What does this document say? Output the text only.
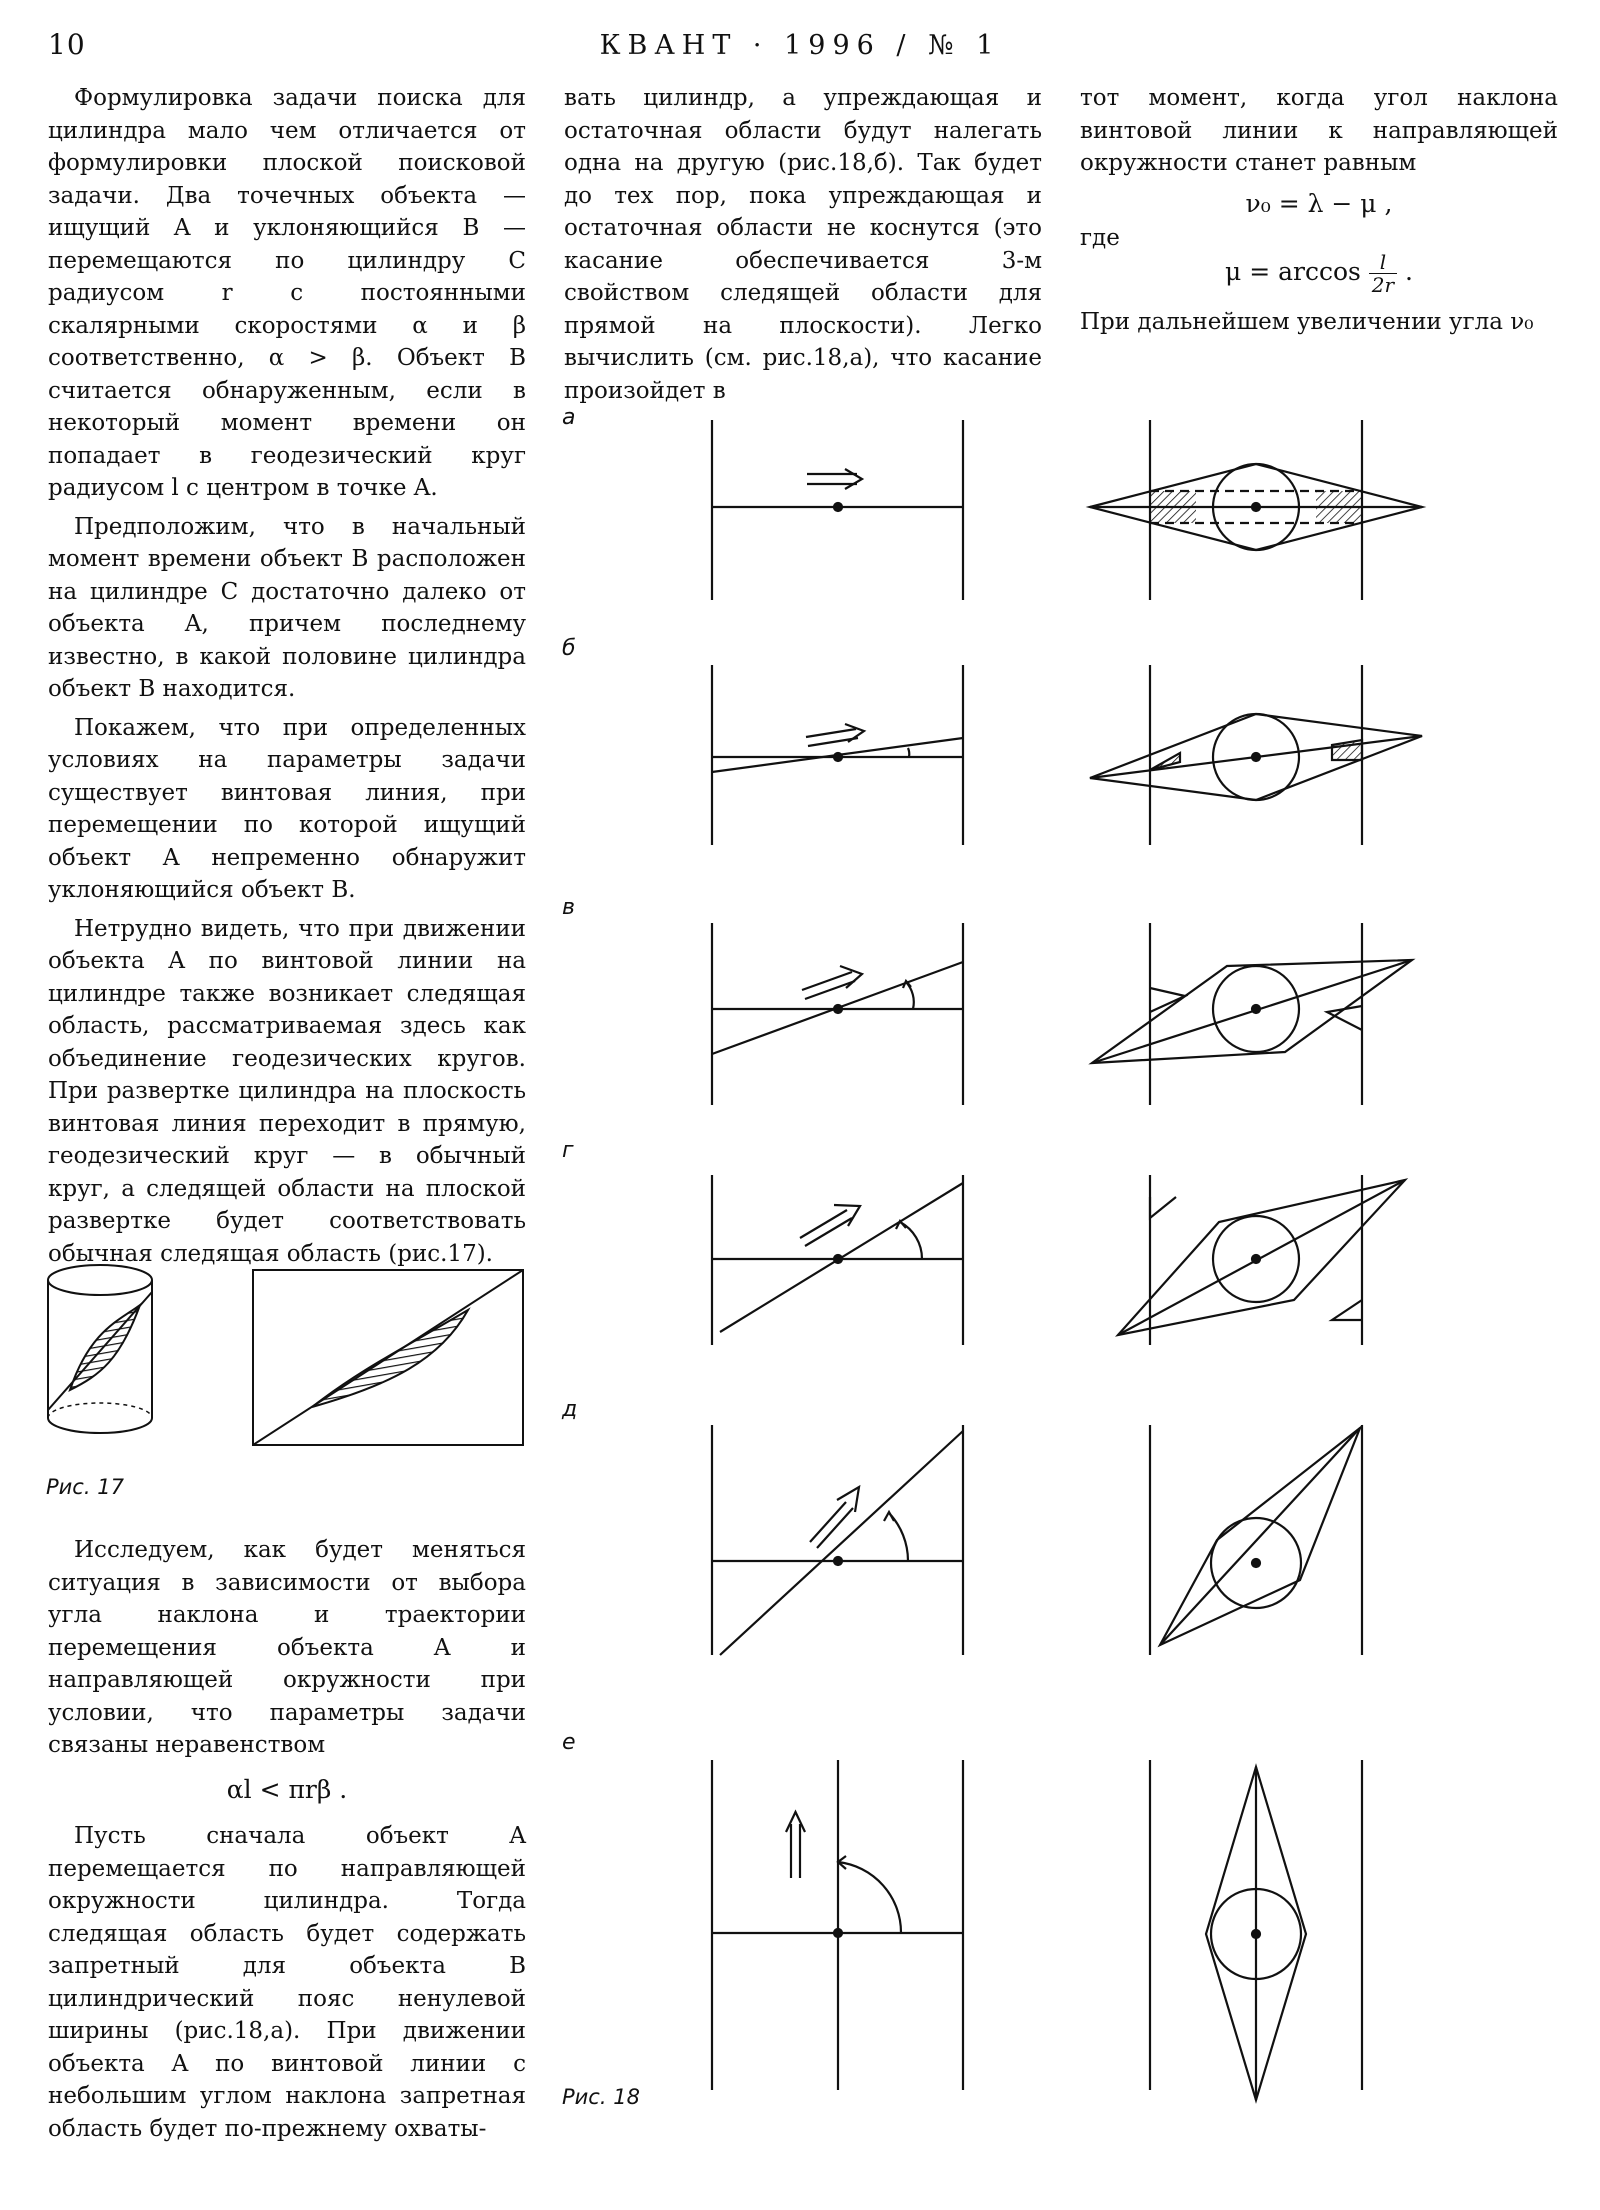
10	КВАНТ · 1996 / № 1

Формулировка задачи поиска для цилиндра мало чем отличается от формулировки плоской поисковой задачи. Два точечных объекта — ищущий A и уклоняющийся B — перемещаются по цилиндру C радиусом r с постоянными скалярными скоростями α и β соответственно, α > β. Объект B считается обнаруженным, если в некоторый момент времени он попадает в геодезический круг радиусом l с центром в точке A.

Предположим, что в начальный момент времени объект B расположен на цилиндре C достаточно далеко от объекта A, причем последнему известно, в какой половине цилиндра объект B находится.

Покажем, что при определенных условиях на параметры задачи существует винтовая линия, при перемещении по которой ищущий объект A непременно обнаружит уклоняющийся объект B.

Нетрудно видеть, что при движении объекта A по винтовой линии на цилиндре также возникает следящая область, рассматриваемая здесь как объединение геодезических кругов. При развертке цилиндра на плоскость винтовая линия переходит в прямую, геодезический круг — в обычный круг, а следящей области на плоской развертке будет соответствовать обычная следящая область (рис.17).

Рис. 17

Исследуем, как будет меняться ситуация в зависимости от выбора угла наклона и траектории перемещения объекта A и направляющей окружности при условии, что параметры задачи связаны неравенством

αl < πrβ .

Пусть сначала объект A перемещается по направляющей окружности цилиндра. Тогда следящая область будет содержать запретный для объекта B цилиндрический пояс ненулевой ширины (рис.18,а). При движении объекта A по винтовой линии с небольшим углом наклона запретная область будет по-прежнему охваты-

вать цилиндр, а упреждающая и остаточная области будут налегать одна на другую (рис.18,б). Так будет до тех пор, пока упреждающая и остаточная области не коснутся (это касание обеспечивается 3-м свойством следящей области для прямой на плоскости). Легко вычислить (см. рис.18,а), что касание произойдет в

тот момент, когда угол наклона винтовой линии к направляющей окружности станет равным

ν₀ = λ − μ ,
где
$\mu = \arccos \frac{l}{2r}$ .

При дальнейшем увеличении угла ν₀

а
б
в
г
д
е
Рис. 18
